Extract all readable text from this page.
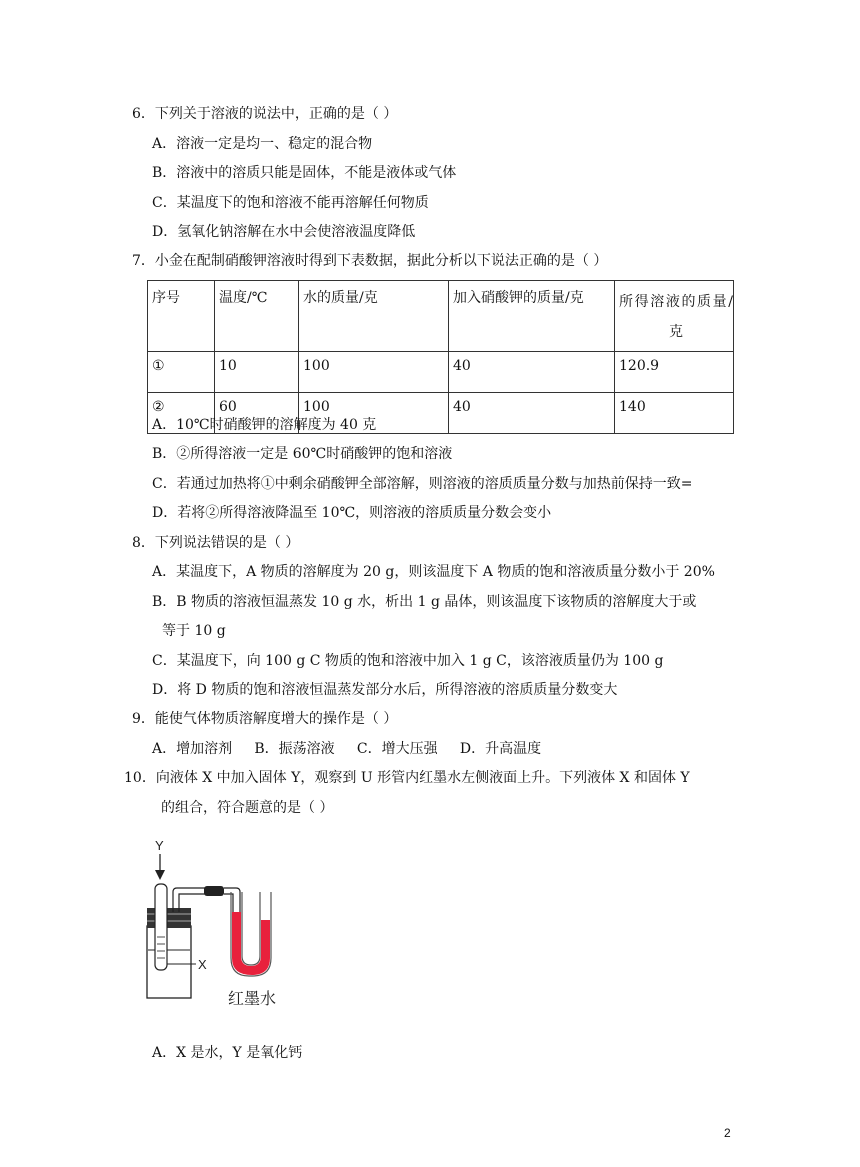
6．下列关于溶液的说法中，正确的是（ ）
A．溶液一定是均一、稳定的混合物
B．溶液中的溶质只能是固体，不能是液体或气体
C．某温度下的饱和溶液不能再溶解任何物质
D．氢氧化钠溶解在水中会使溶液温度降低
7．小金在配制硝酸钾溶液时得到下表数据，据此分析以下说法正确的是（ ）
序号	温度/℃	水的质量/克	加入硝酸钾的质量/克	所得溶液的质量/克

①	10	100	40	120.9
②	60	100	40	140
A．10℃时硝酸钾的溶解度为 40 克
B．②所得溶液一定是 60℃时硝酸钾的饱和溶液
C．若通过加热将①中剩余硝酸钾全部溶解，则溶液的溶质质量分数与加热前保持一致=
D．若将②所得溶液降温至 10℃，则溶液的溶质质量分数会变小
8．下列说法错误的是（ ）
A．某温度下，A 物质的溶解度为 20 g，则该温度下 A 物质的饱和溶液质量分数小于 20%
B．B 物质的溶液恒温蒸发 10 g 水，析出 1 g 晶体，则该温度下该物质的溶解度大于或
等于 10 g
C．某温度下，向 100 g C 物质的饱和溶液中加入 1 g C，该溶液质量仍为 100 g
D．将 D 物质的饱和溶液恒温蒸发部分水后，所得溶液的溶质质量分数变大
9．能使气体物质溶解度增大的操作是（ ）
A．增加溶剂     B．振荡溶液     C．增大压强     D．升高温度
10．向液体 X 中加入固体 Y，观察到 U 形管内红墨水左侧液面上升。下列液体 X 和固体 Y
的组合，符合题意的是（ ）
Y
X
红墨水
A．X 是水，Y 是氧化钙
2
